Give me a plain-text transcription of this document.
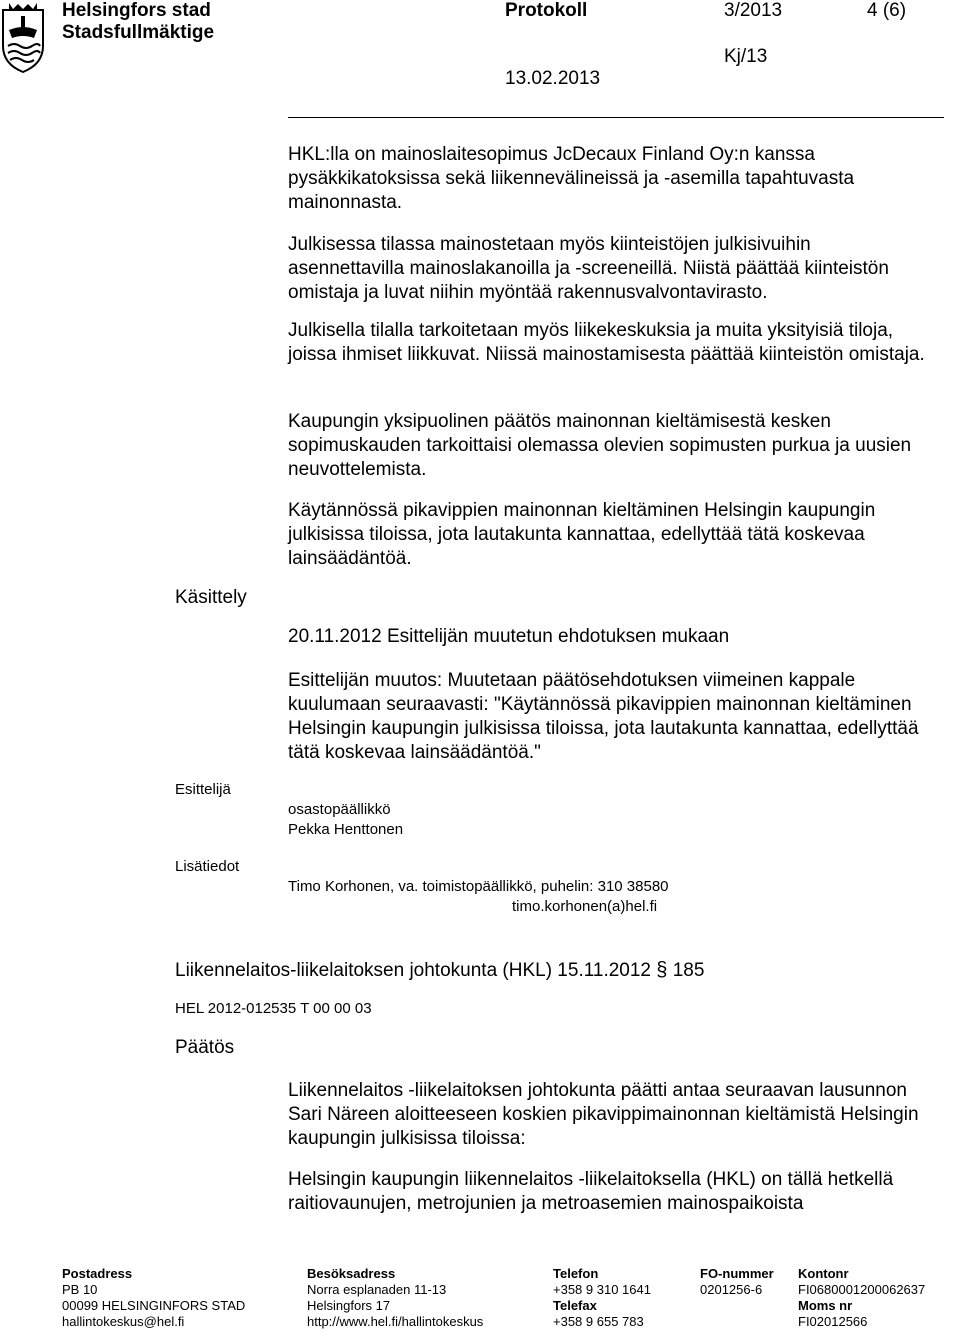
Helsingfors stad
Stadsfullmäktige
Protokoll	3/2013	4 (6)
13.02.2013
Kj/13
HKL:lla on mainoslaitesopimus JcDecaux Finland Oy:n kanssa pysäkkikatoksissa sekä liikennevälineissä ja -asemilla tapahtuvasta mainonnasta.
Julkisessa tilassa mainostetaan myös kiinteistöjen julkisivuihin asennettavilla mainoslakanoilla ja -screeneillä. Niistä päättää kiinteistön omistaja ja luvat niihin myöntää rakennusvalvontavirasto.
Julkisella tilalla tarkoitetaan myös liikekeskuksia ja muita yksityisiä tiloja, joissa ihmiset liikkuvat. Niissä mainostamisesta päättää kiinteistön omistaja.
Kaupungin yksipuolinen päätös mainonnan kieltämisestä kesken sopimuskauden tarkoittaisi olemassa olevien sopimusten purkua ja uusien neuvottelemista.
Käytännössä pikavippien mainonnan kieltäminen Helsingin kaupungin julkisissa tiloissa, jota lautakunta kannattaa, edellyttää tätä koskevaa lainsäädäntöä.
Käsittely
20.11.2012 Esittelijän muutetun ehdotuksen mukaan
Esittelijän muutos: Muutetaan päätösehdotuksen viimeinen kappale kuulumaan seuraavasti: "Käytännössä pikavippien mainonnan kieltäminen Helsingin kaupungin julkisissa tiloissa, jota lautakunta kannattaa, edellyttää tätä koskevaa lainsäädäntöä."
Esittelijä
osastopäällikkö
Pekka Henttonen
Lisätiedot
Timo Korhonen, va. toimistopäällikkö, puhelin: 310 38580
timo.korhonen(a)hel.fi
Liikennelaitos-liikelaitoksen johtokunta (HKL) 15.11.2012 § 185
HEL 2012-012535 T 00 00 03
Päätös
Liikennelaitos -liikelaitoksen johtokunta päätti antaa seuraavan lausunnon Sari Näreen aloitteeseen koskien pikavippimainonnan kieltämistä Helsingin kaupungin julkisissa tiloissa:
Helsingin kaupungin liikennelaitos -liikelaitoksella (HKL) on tällä hetkellä raitiovaunujen, metrojunien ja metroasemien mainospaikoista
Postadress
PB 10
00099 HELSINGINFORS STAD
hallintokeskus@hel.fi
Besöksadress
Norra esplanaden 11-13
Helsingfors 17
http://www.hel.fi/hallintokeskus
Telefon
+358 9 310 1641
Telefax
+358 9 655 783
FO-nummer
0201256-6
Kontonr
FI0680001200062637
Moms nr
FI02012566
